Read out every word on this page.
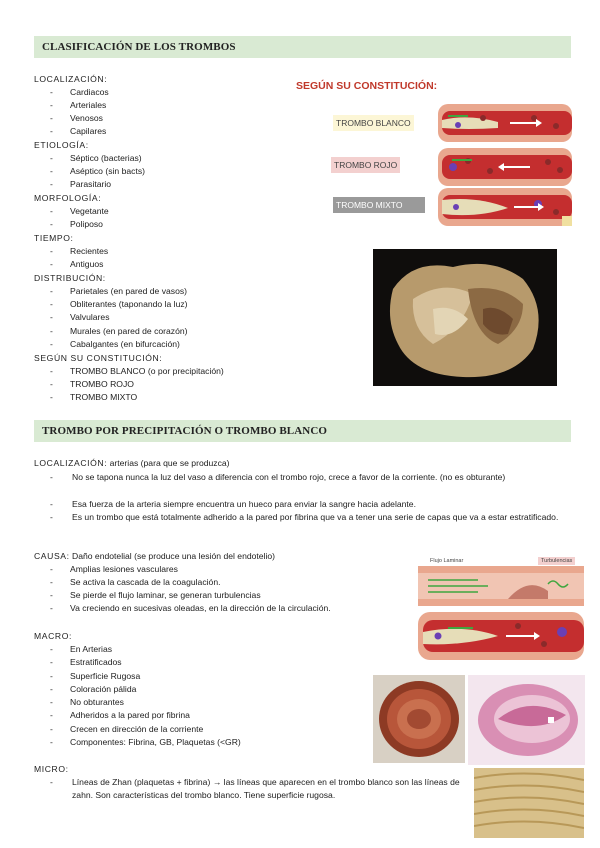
CLASIFICACIÓN DE LOS TROMBOS
LOCALIZACIÓN:
- Cardiacos
- Arteriales
- Venosos
- Capilares
ETIOLOGÍA:
- Séptico (bacterias)
- Aséptico (sin bacts)
- Parasitario
MORFOLOGÍA:
- Vegetante
- Poliposo
TIEMPO:
- Recientes
- Antiguos
DISTRIBUCIÓN:
- Parietales (en pared de vasos)
- Obliterantes (taponando la luz)
- Valvulares
- Murales (en pared de corazón)
- Cabalgantes (en bifurcación)
SEGÚN SU CONSTITUCIÓN:
- TROMBO BLANCO (o por precipitación)
- TROMBO ROJO
- TROMBO MIXTO
SEGÚN SU CONSTITUCIÓN:
TROMBO BLANCO
TROMBO ROJO
TROMBO MIXTO
TROMBO POR PRECIPITACIÓN O TROMBO BLANCO
LOCALIZACIÓN: arterias (para que se produzca)
- No se tapona nunca la luz del vaso a diferencia con el trombo rojo, crece a favor de la corriente. (no es obturante)
- Esa fuerza de la arteria siempre encuentra un hueco para enviar la sangre hacia adelante.
- Es un trombo que está totalmente adherido a la pared por fibrina que va a tener una serie de capas que va a estar estratificado.
CAUSA: Daño endotelial (se produce una lesión del endotelio)
- Amplias lesiones vasculares
- Se activa la cascada de la coagulación.
- Se pierde el flujo laminar, se generan turbulencias
- Va creciendo en sucesivas oleadas, en la dirección de la circulación.
Flujo Laminar	Turbulencias
MACRO:
- En Arterias
- Estratificados
- Superficie Rugosa
- Coloración pálida
- No obturantes
- Adheridos a la pared por fibrina
- Crecen en dirección de la corriente
- Componentes: Fibrina, GB, Plaquetas (<GR)
MICRO:
- Líneas de Zhan (plaquetas + fibrina) → las líneas que aparecen en el trombo blanco son las líneas de zahn. Son características del trombo blanco. Tiene superficie rugosa.
